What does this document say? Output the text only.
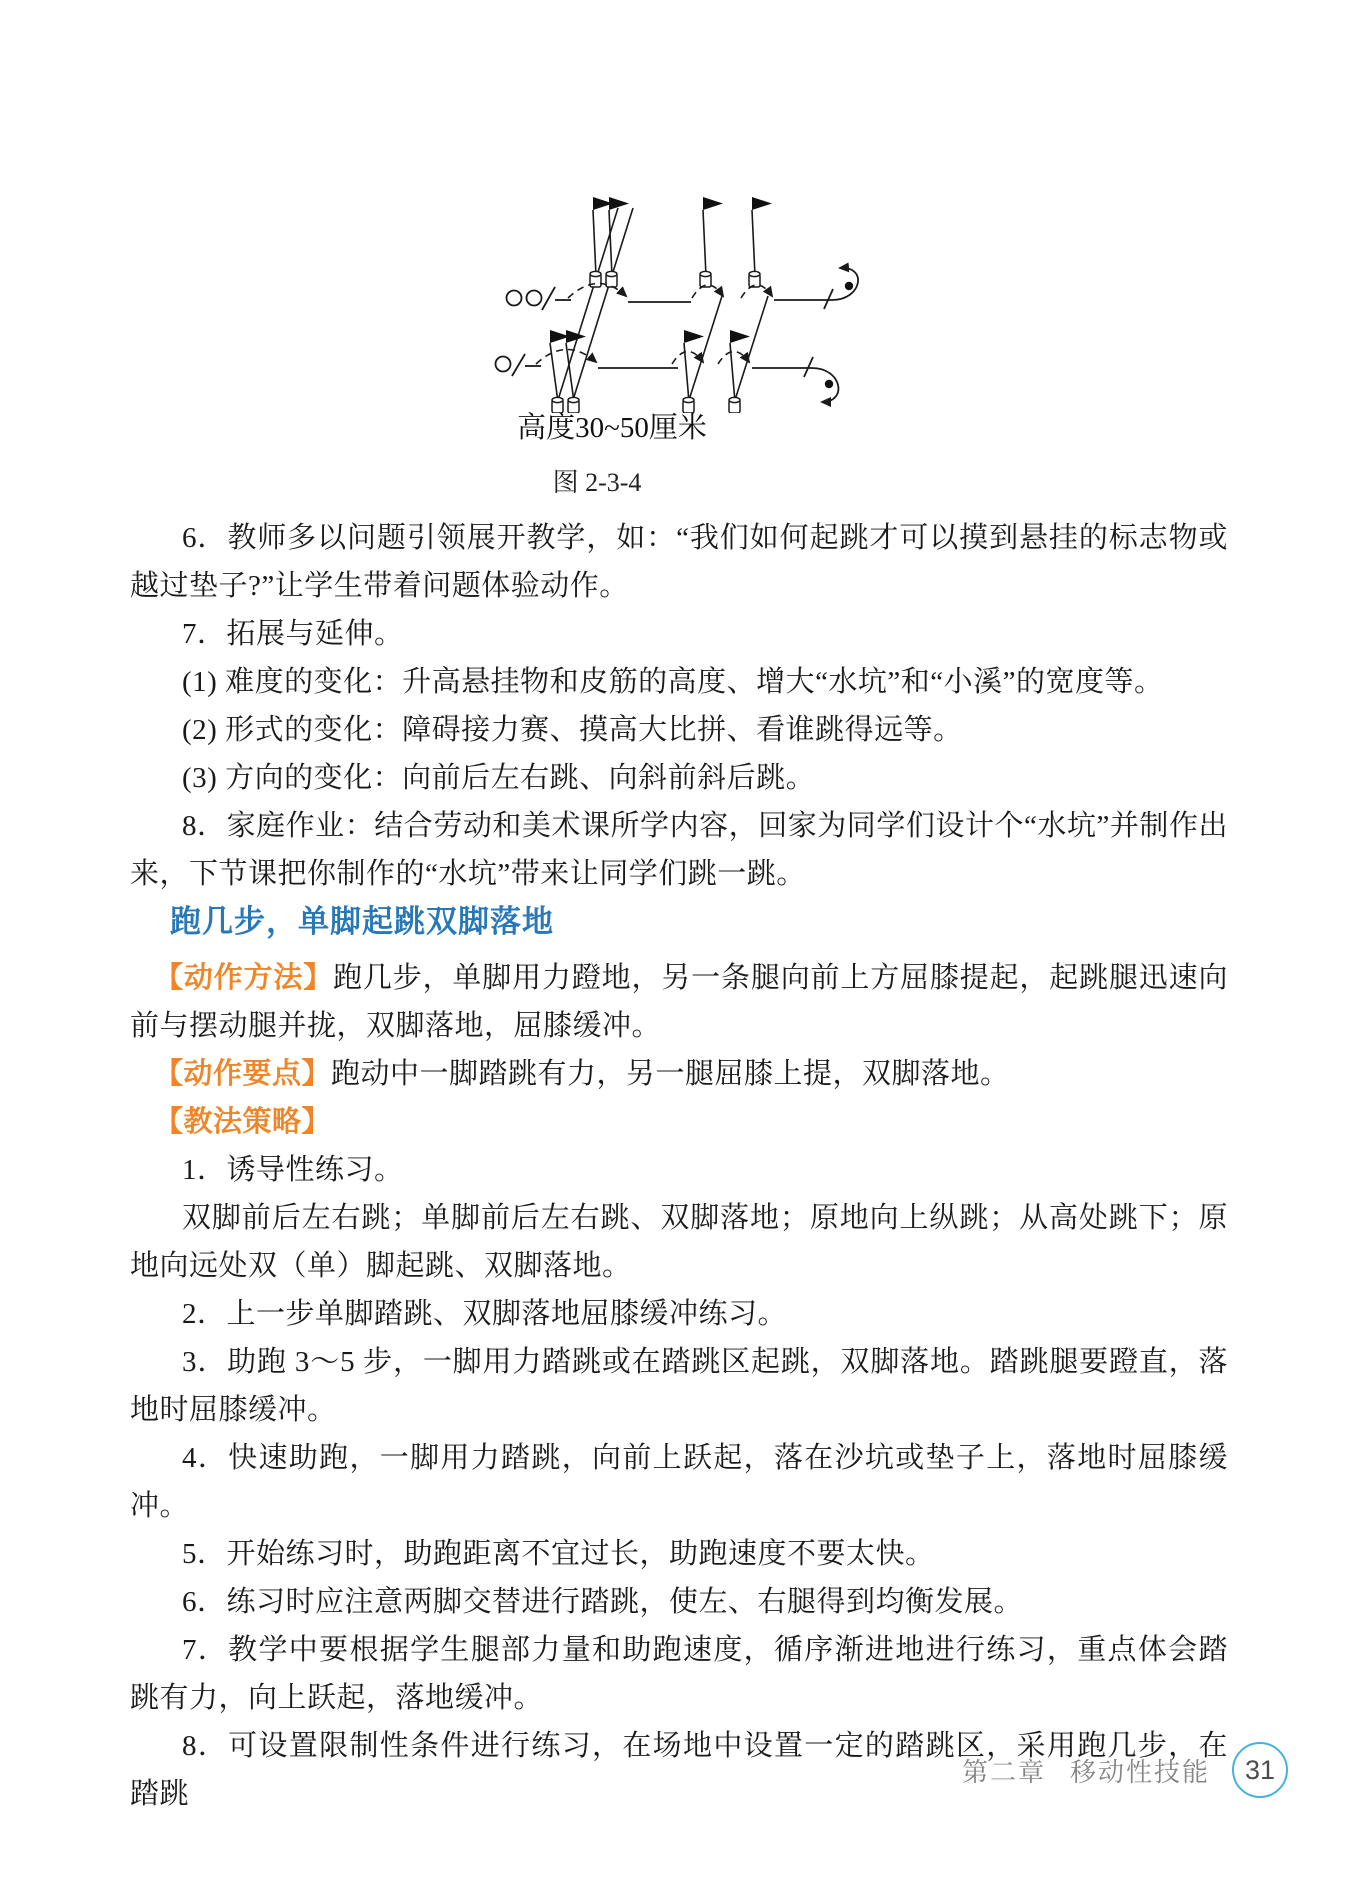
高度30~50厘米
图 2-3-4

6．教师多以问题引领展开教学，如：“我们如何起跳才可以摸到悬挂的标志物或越过垫子?”让学生带着问题体验动作。

7．拓展与延伸。

(1) 难度的变化：升高悬挂物和皮筋的高度、增大“水坑”和“小溪”的宽度等。

(2) 形式的变化：障碍接力赛、摸高大比拼、看谁跳得远等。

(3) 方向的变化：向前后左右跳、向斜前斜后跳。

8．家庭作业：结合劳动和美术课所学内容，回家为同学们设计个“水坑”并制作出来，下节课把你制作的“水坑”带来让同学们跳一跳。

跑几步，单脚起跳双脚落地

【动作方法】跑几步，单脚用力蹬地，另一条腿向前上方屈膝提起，起跳腿迅速向前与摆动腿并拢，双脚落地，屈膝缓冲。

【动作要点】跑动中一脚踏跳有力，另一腿屈膝上提，双脚落地。

【教法策略】

1．诱导性练习。

双脚前后左右跳；单脚前后左右跳、双脚落地；原地向上纵跳；从高处跳下；原地向远处双（单）脚起跳、双脚落地。

2．上一步单脚踏跳、双脚落地屈膝缓冲练习。

3．助跑 3～5 步，一脚用力踏跳或在踏跳区起跳，双脚落地。踏跳腿要蹬直，落地时屈膝缓冲。

4．快速助跑，一脚用力踏跳，向前上跃起，落在沙坑或垫子上，落地时屈膝缓冲。

5．开始练习时，助跑距离不宜过长，助跑速度不要太快。

6．练习时应注意两脚交替进行踏跳，使左、右腿得到均衡发展。

7．教学中要根据学生腿部力量和助跑速度，循序渐进地进行练习，重点体会踏跳有力，向上跃起，落地缓冲。

8．可设置限制性条件进行练习，在场地中设置一定的踏跳区，采用跑几步，在踏跳

第二章 移动性技能	31
